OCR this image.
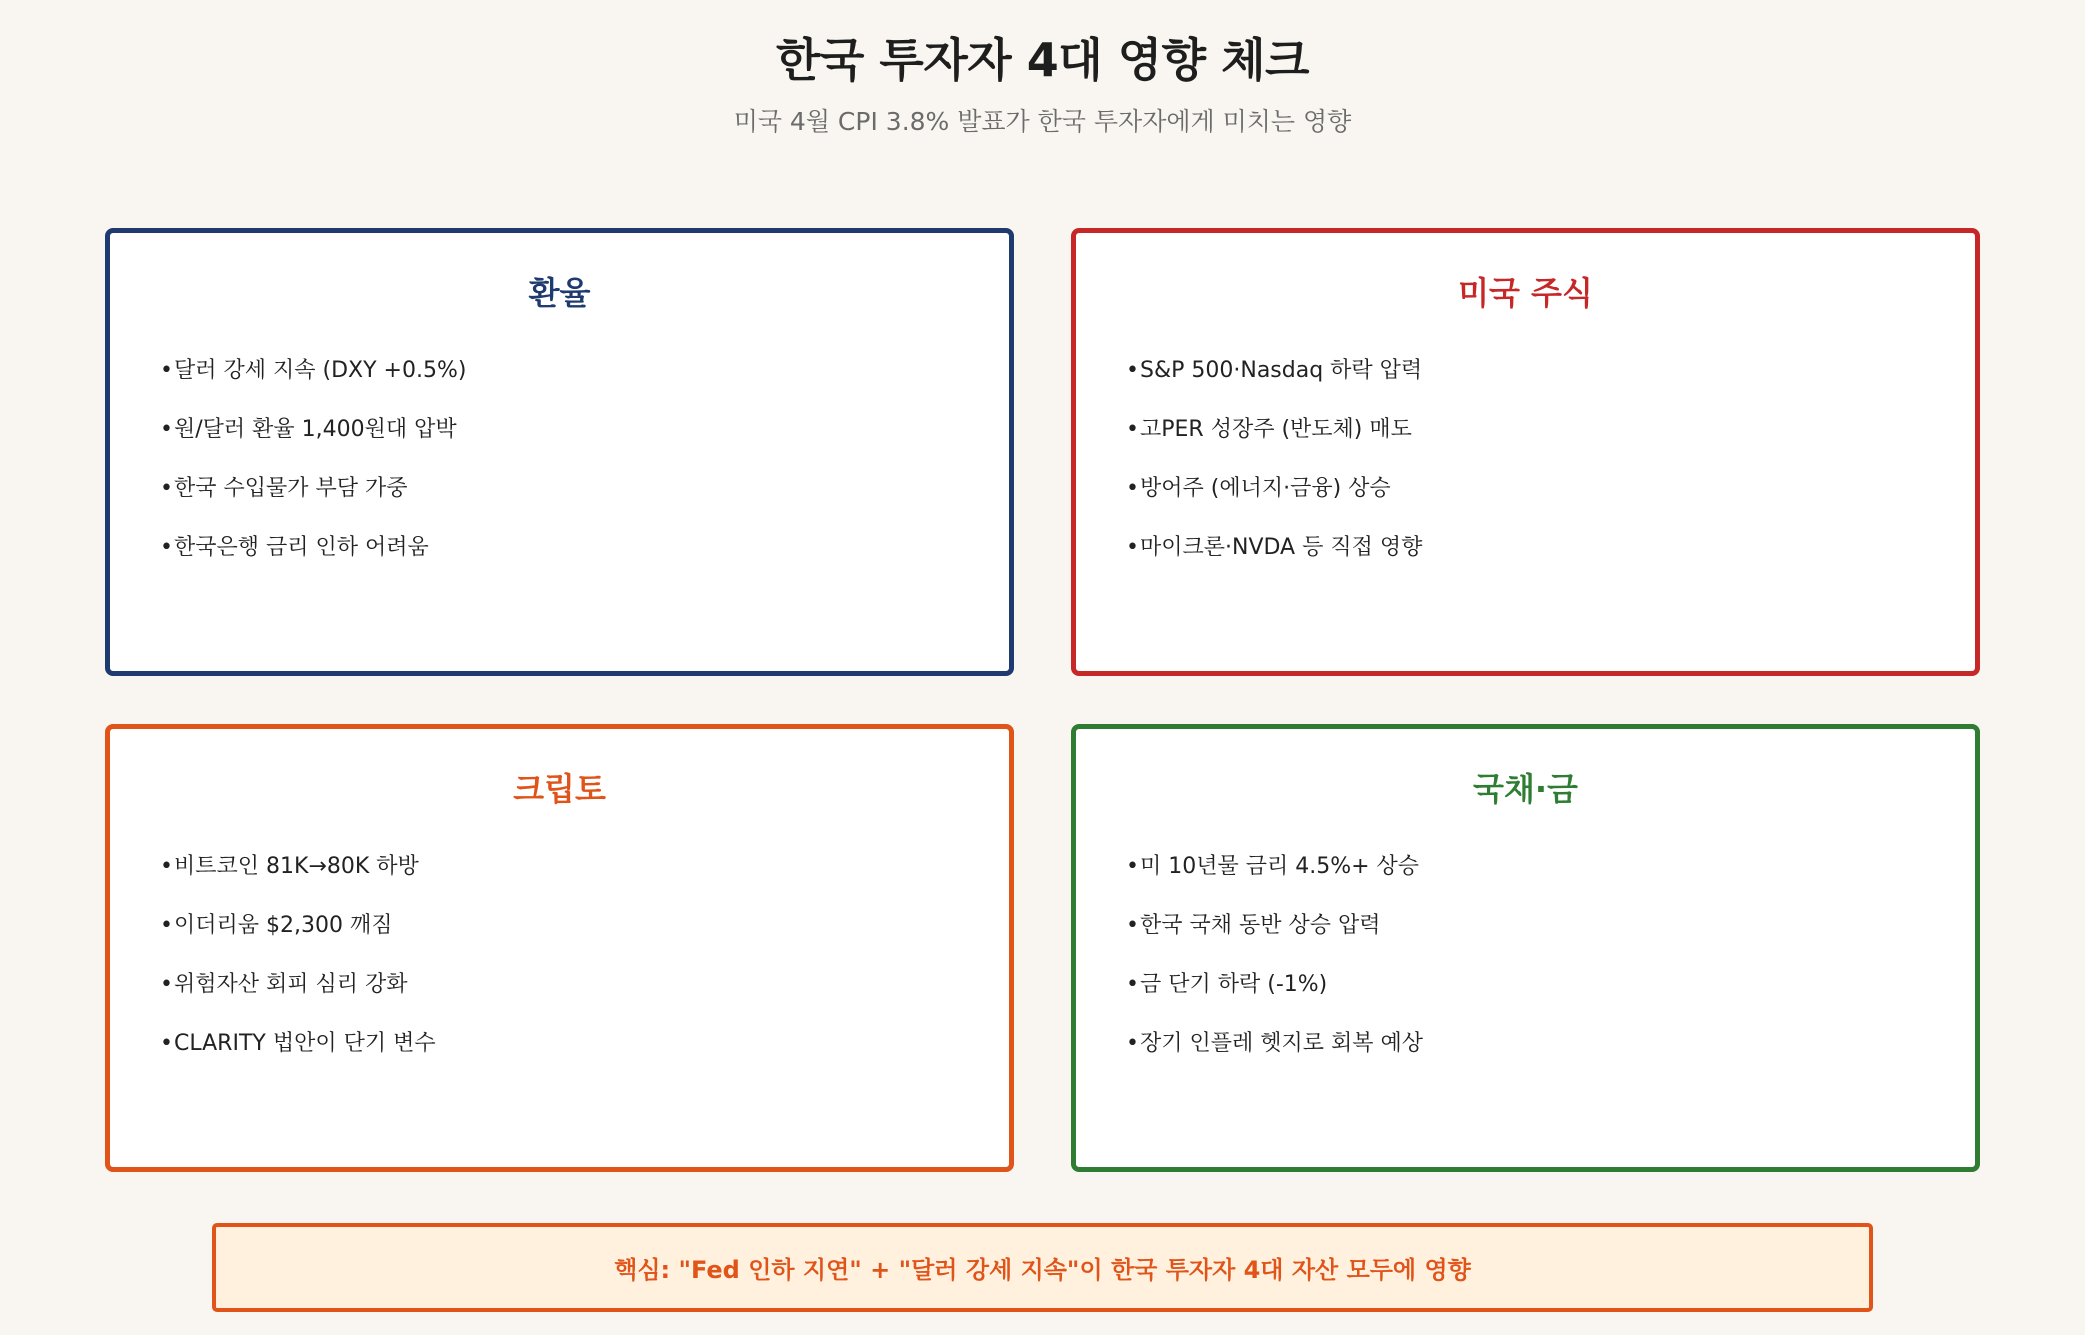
한국 투자자 4대 영향 체크
미국 4월 CPI 3.8% 발표가 한국 투자자에게 미치는 영향
환율
•달러 강세 지속 (DXY +0.5%)
•원/달러 환율 1,400원대 압박
•한국 수입물가 부담 가중
•한국은행 금리 인하 어려움
미국 주식
•S&P 500·Nasdaq 하락 압력
•고PER 성장주 (반도체) 매도
•방어주 (에너지·금융) 상승
•마이크론·NVDA 등 직접 영향
크립토
•비트코인 81K→80K 하방
•이더리움 $2,300 깨짐
•위험자산 회피 심리 강화
•CLARITY 법안이 단기 변수
국채·금
•미 10년물 금리 4.5%+ 상승
•한국 국채 동반 상승 압력
•금 단기 하락 (-1%)
•장기 인플레 헷지로 회복 예상
핵심: "Fed 인하 지연" + "달러 강세 지속"이 한국 투자자 4대 자산 모두에 영향
